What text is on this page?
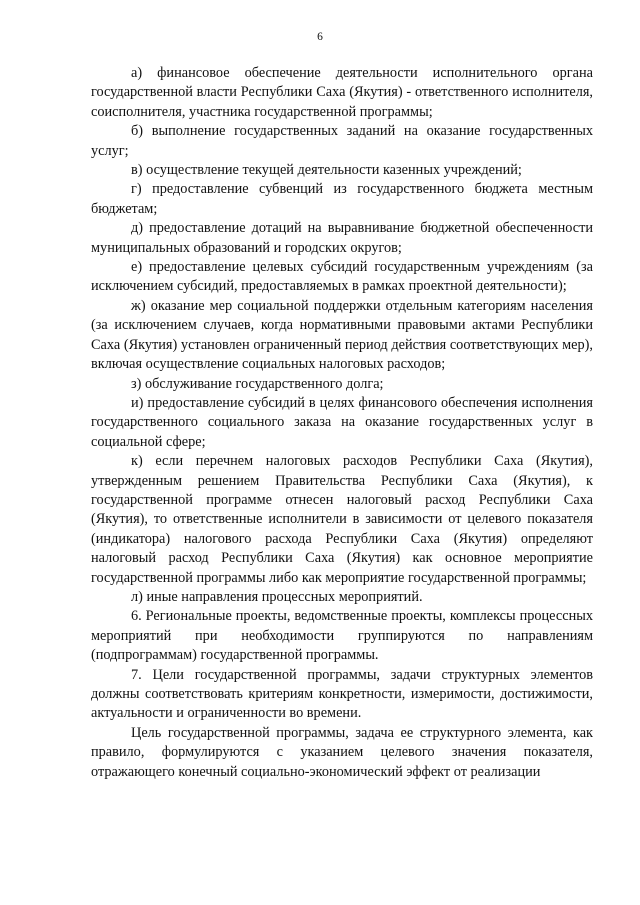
6

а) финансовое обеспечение деятельности исполнительного органа государственной власти Республики Саха (Якутия) - ответственного исполнителя, соисполнителя, участника государственной программы;

б) выполнение государственных заданий на оказание государственных услуг;

в) осуществление текущей деятельности казенных учреждений;

г) предоставление субвенций из государственного бюджета местным бюджетам;

д) предоставление дотаций на выравнивание бюджетной обеспеченности муниципальных образований и городских округов;

е) предоставление целевых субсидий государственным учреждениям (за исключением субсидий, предоставляемых в рамках проектной деятельности);

ж) оказание мер социальной поддержки отдельным категориям населения (за исключением случаев, когда нормативными правовыми актами Республики Саха (Якутия) установлен ограниченный период действия соответствующих мер), включая осуществление социальных налоговых расходов;

з) обслуживание государственного долга;

и) предоставление субсидий в целях финансового обеспечения исполнения государственного социального заказа на оказание государственных услуг в социальной сфере;

к) если перечнем налоговых расходов Республики Саха (Якутия), утвержденным решением Правительства Республики Саха (Якутия), к государственной программе отнесен налоговый расход Республики Саха (Якутия), то ответственные исполнители в зависимости от целевого показателя (индикатора) налогового расхода Республики Саха (Якутия) определяют налоговый расход Республики Саха (Якутия) как основное мероприятие государственной программы либо как мероприятие государственной программы;

л) иные направления процессных мероприятий.

6. Региональные проекты, ведомственные проекты, комплексы процессных мероприятий при необходимости группируются по направлениям (подпрограммам) государственной программы.

7. Цели государственной программы, задачи структурных элементов должны соответствовать критериям конкретности, измеримости, достижимости, актуальности и ограниченности во времени.

Цель государственной программы, задача ее структурного элемента, как правило, формулируются с указанием целевого значения показателя, отражающего конечный социально-экономический эффект от реализации
